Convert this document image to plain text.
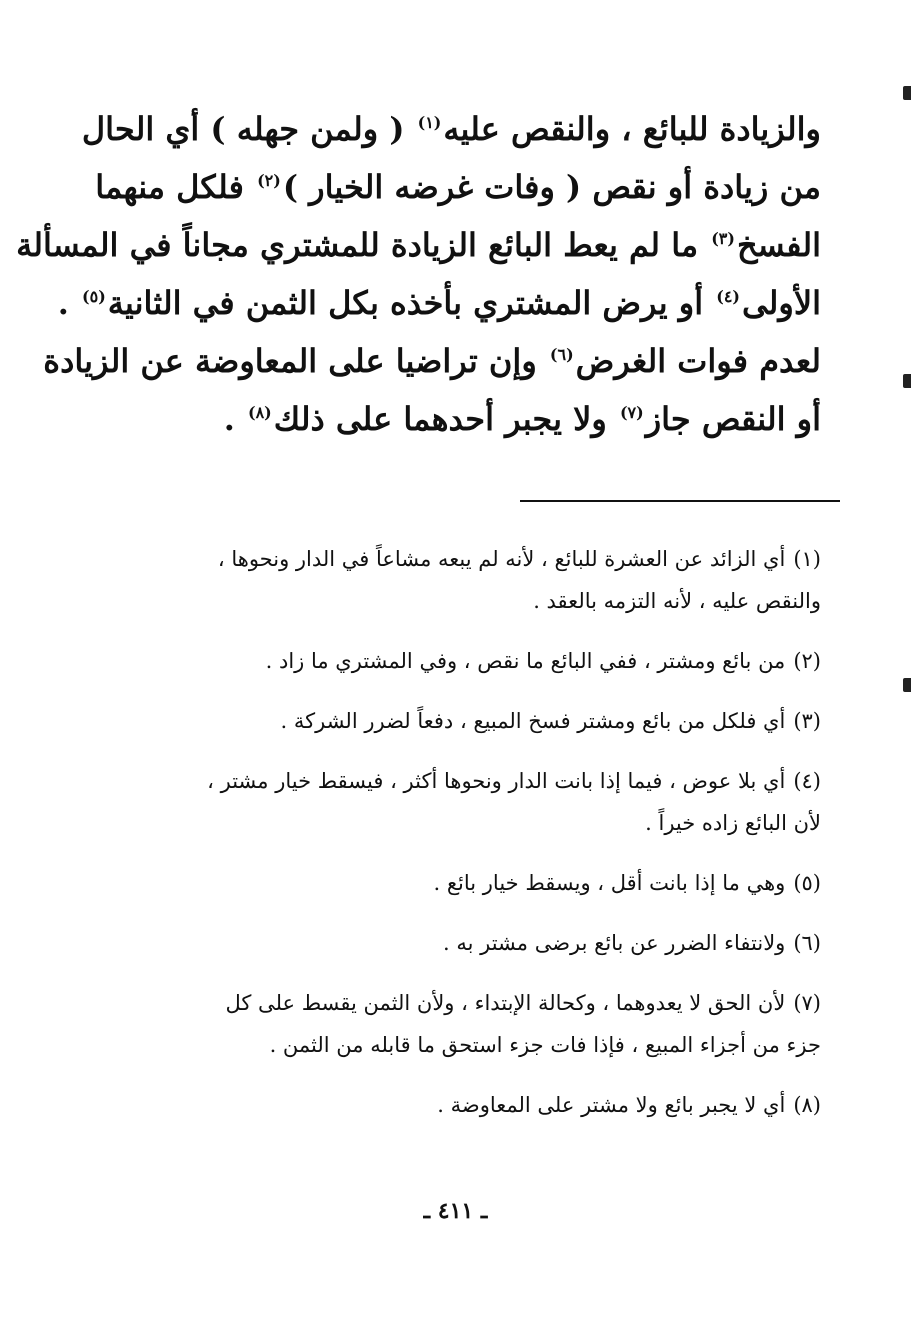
والزيادة للبائع ، والنقص عليه$^{(١)}$ ( ولمن جهله ) أي الحال
من زيادة أو نقص ( وفات غرضه الخيار )$^{(٢)}$ فلكل منهما
الفسخ$^{(٣)}$ ما لم يعط البائع الزيادة للمشتري مجاناً في المسألة
الأولى$^{(٤)}$ أو يرض المشتري بأخذه بكل الثمن في الثانية$^{(٥)}$ .
لعدم فوات الغرض$^{(٦)}$ وإن تراضيا على المعاوضة عن الزيادة
أو النقص جاز$^{(٧)}$ ولا يجبر أحدهما على ذلك$^{(٨)}$ .
(١)أي الزائد عن العشرة للبائع ، لأنه لم يبعه مشاعاً في الدار ونحوها ،
والنقص عليه ، لأنه التزمه بالعقد .
(٢)من بائع ومشتر ، ففي البائع ما نقص ، وفي المشتري ما زاد .
(٣)أي فلكل من بائع ومشتر فسخ المبيع ، دفعاً لضرر الشركة .
(٤)أي بلا عوض ، فيما إذا بانت الدار ونحوها أكثر ، فيسقط خيار مشتر ،
لأن البائع زاده خيراً .
(٥)وهي ما إذا بانت أقل ، ويسقط خيار بائع .
(٦)ولانتفاء الضرر عن بائع برضى مشتر به .
(٧)لأن الحق لا يعدوهما ، وكحالة الإبتداء ، ولأن الثمن يقسط على كل
جزء من أجزاء المبيع ، فإذا فات جزء استحق ما قابله من الثمن .
(٨)أي لا يجبر بائع ولا مشتر على المعاوضة .
ـ ٤١١ ـ
